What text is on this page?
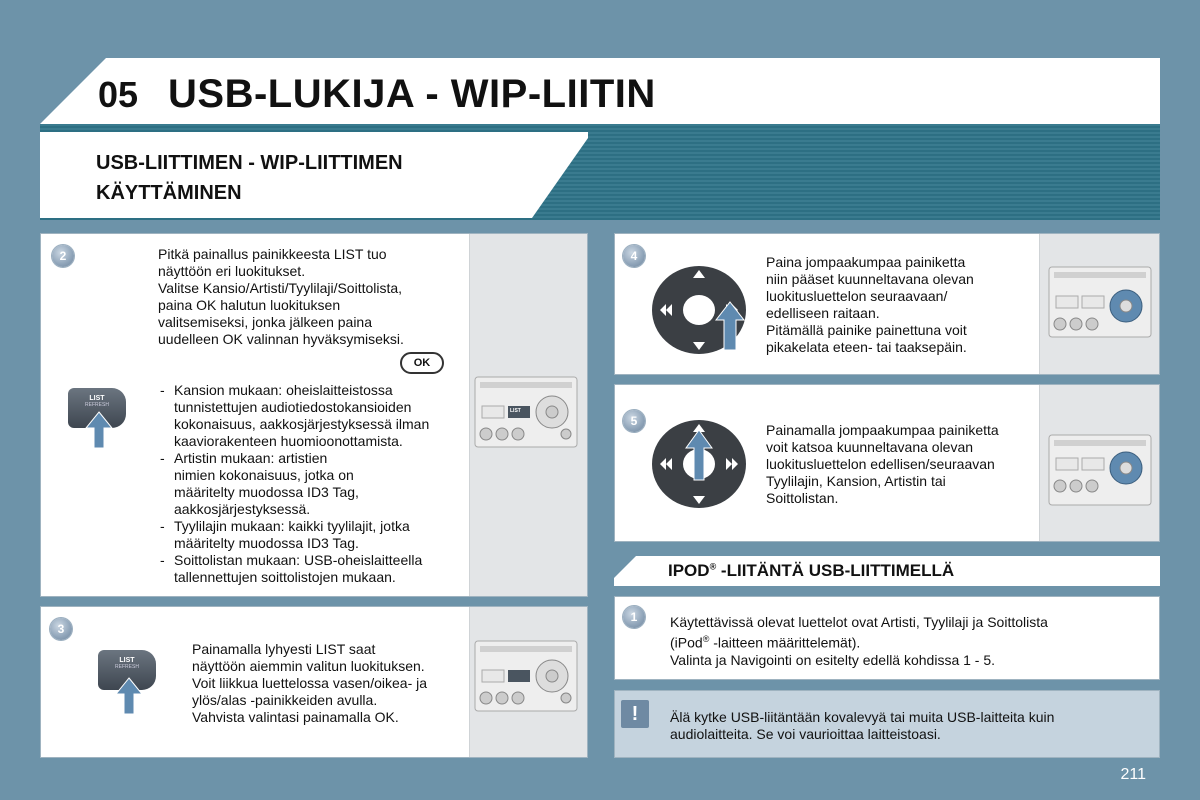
05 USB-LUKIJA - WIP-LIITIN
USB-LIITTIMEN - WIP-LIITTIMEN
KÄYTTÄMINEN
2	Pitkä painallus painikkeesta LIST tuo
näyttöön eri luokitukset.
Valitse Kansio/Artisti/Tyylilaji/Soittolista,
paina OK halutun luokituksen
valitsemiseksi, jonka jälkeen paina
uudelleen OK valinnan hyväksymiseksi.
OK
LIST
REFRESH
- Kansion mukaan: oheislaitteistossa
tunnistettujen audiotiedostokansioiden
kokonaisuus, aakkosjärjestyksessä ilman
kaaviorakenteen huomioonottamista.
- Artistin mukaan: artistien
nimien kokonaisuus, jotka on
määritelty muodossa ID3 Tag,
aakkosjärjestyksessä.
- Tyylilajin mukaan: kaikki tyylilajit, jotka
määritelty muodossa ID3 Tag.
- Soittolistan mukaan: USB-oheislaitteella
tallennettujen soittolistojen mukaan.
LIST
3
LIST
REFRESH
Painamalla lyhyesti LIST saat
näyttöön aiemmin valitun luokituksen.
Voit liikkua luettelossa vasen/oikea- ja
ylös/alas -painikkeiden avulla.
Vahvista valintasi painamalla OK.
4	Paina jompaakumpaa painiketta
niin pääset kuunneltavana olevan
luokitusluettelon seuraavaan/
edelliseen raitaan.
Pitämällä painike painettuna voit
pikakelata eteen- tai taaksepäin.
5
Painamalla jompaakumpaa painiketta
voit katsoa kuunneltavana olevan
luokitusluettelon edellisen/seuraavan
Tyylilajin, Kansion, Artistin tai
Soittolistan.
IPOD® -LIITÄNTÄ USB-LIITTIMELLÄ
1	Käytettävissä olevat luettelot ovat Artisti, Tyylilaji ja Soittolista
(iPod® -laitteen määrittelemät).
Valinta ja Navigointi on esitelty edellä kohdissa 1 - 5.
!	Älä kytke USB-liitäntään kovalevyä tai muita USB-laitteita kuin
audiolaitteita. Se voi vaurioittaa laitteistoasi.
211
